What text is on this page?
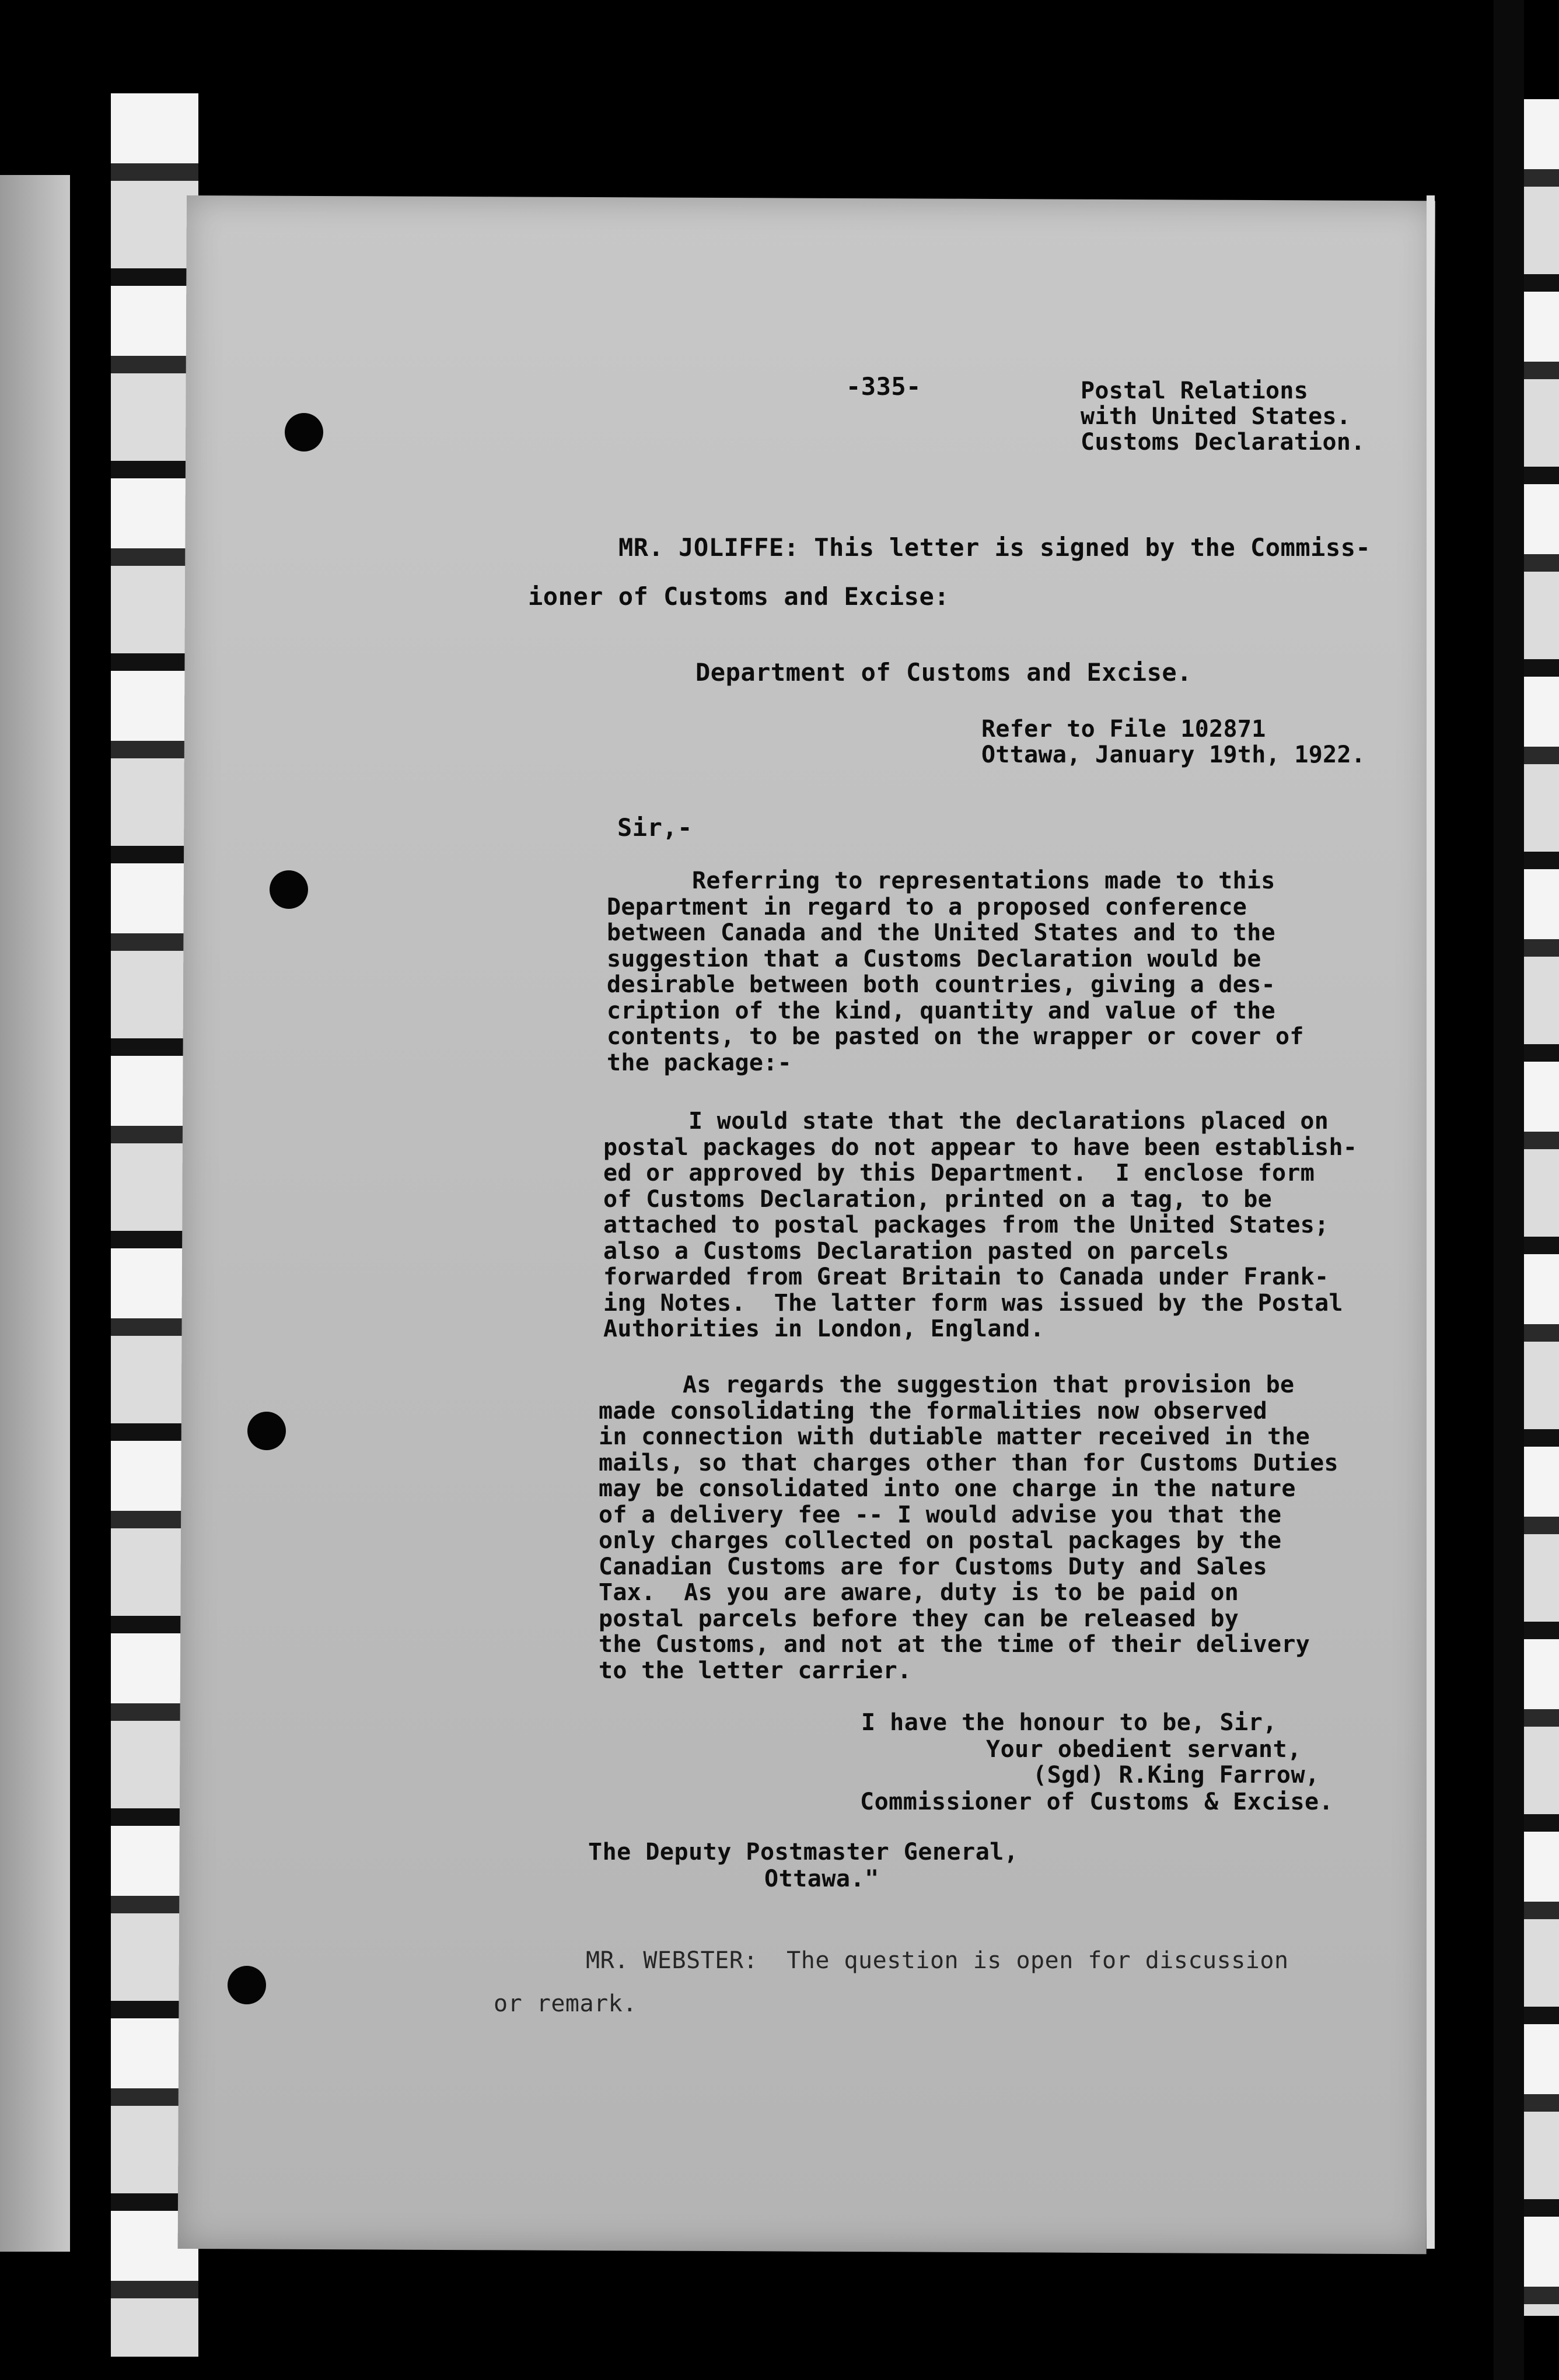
-335-	Postal Relations
with United States.
Customs Declaration.
MR. JOLIFFE: This letter is signed by the Commiss-
ioner of Customs and Excise:
Department of Customs and Excise.
Refer to File 102871
Ottawa, January 19th, 1922.
Sir,-
Referring to representations made to this
Department in regard to a proposed conference
between Canada and the United States and to the
suggestion that a Customs Declaration would be
desirable between both countries, giving a des-
cription of the kind, quantity and value of the
contents, to be pasted on the wrapper or cover of
the package:-
I would state that the declarations placed on
postal packages do not appear to have been establish-
ed or approved by this Department.  I enclose form
of Customs Declaration, printed on a tag, to be
attached to postal packages from the United States;
also a Customs Declaration pasted on parcels
forwarded from Great Britain to Canada under Frank-
ing Notes.  The latter form was issued by the Postal
Authorities in London, England.
As regards the suggestion that provision be
made consolidating the formalities now observed
in connection with dutiable matter received in the
mails, so that charges other than for Customs Duties
may be consolidated into one charge in the nature
of a delivery fee -- I would advise you that the
only charges collected on postal packages by the
Canadian Customs are for Customs Duty and Sales
Tax.  As you are aware, duty is to be paid on
postal parcels before they can be released by
the Customs, and not at the time of their delivery
to the letter carrier.
I have the honour to be, Sir,
Your obedient servant,
(Sgd) R.King Farrow,
Commissioner of Customs & Excise.
The Deputy Postmaster General,
Ottawa."
MR. WEBSTER:  The question is open for discussion
or remark.
